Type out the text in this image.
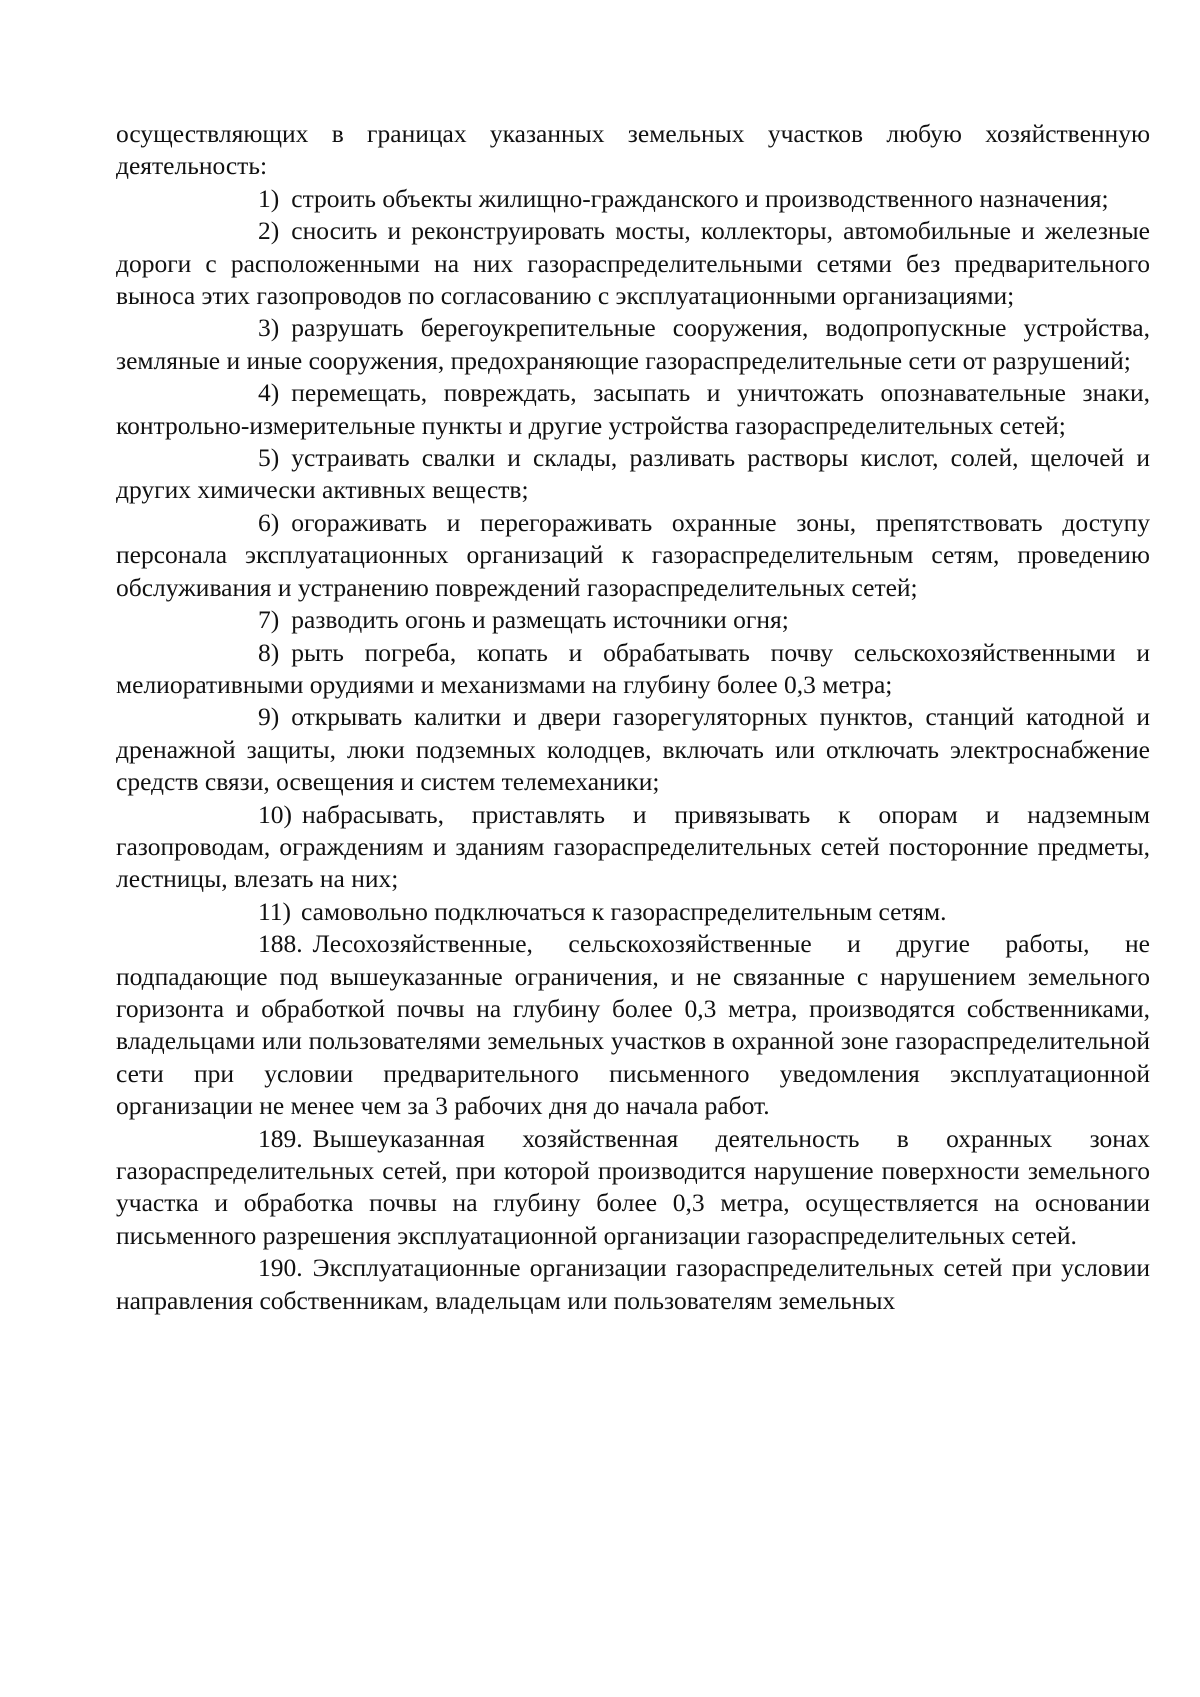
осуществляющих в границах указанных земельных участков любую хозяйственную деятельность:

1) строить объекты жилищно-гражданского и производственного назначения;

2) сносить и реконструировать мосты, коллекторы, автомобильные и железные дороги с расположенными на них газораспределительными сетями без предварительного выноса этих газопроводов по согласованию с эксплуатационными организациями;

3) разрушать берегоукрепительные сооружения, водопропускные устройства, земляные и иные сооружения, предохраняющие газораспределительные сети от разрушений;

4) перемещать, повреждать, засыпать и уничтожать опознавательные знаки, контрольно-измерительные пункты и другие устройства газораспределительных сетей;

5) устраивать свалки и склады, разливать растворы кислот, солей, щелочей и других химически активных веществ;

6) огораживать и перегораживать охранные зоны, препятствовать доступу персонала эксплуатационных организаций к газораспределительным сетям, проведению обслуживания и устранению повреждений газораспределительных сетей;

7) разводить огонь и размещать источники огня;

8) рыть погреба, копать и обрабатывать почву сельскохозяйственными и мелиоративными орудиями и механизмами на глубину более 0,3 метра;

9) открывать калитки и двери газорегуляторных пунктов, станций катодной и дренажной защиты, люки подземных колодцев, включать или отключать электроснабжение средств связи, освещения и систем телемеханики;

10) набрасывать, приставлять и привязывать к опорам и надземным газопроводам, ограждениям и зданиям газораспределительных сетей посторонние предметы, лестницы, влезать на них;

11) самовольно подключаться к газораспределительным сетям.

188. Лесохозяйственные, сельскохозяйственные и другие работы, не подпадающие под вышеуказанные ограничения, и не связанные с нарушением земельного горизонта и обработкой почвы на глубину более 0,3 метра, производятся собственниками, владельцами или пользователями земельных участков в охранной зоне газораспределительной сети при условии предварительного письменного уведомления эксплуатационной организации не менее чем за 3 рабочих дня до начала работ.

189. Вышеуказанная хозяйственная деятельность в охранных зонах газораспределительных сетей, при которой производится нарушение поверхности земельного участка и обработка почвы на глубину более 0,3 метра, осуществляется на основании письменного разрешения эксплуатационной организации газораспределительных сетей.

190. Эксплуатационные организации газораспределительных сетей при условии направления собственникам, владельцам или пользователям земельных
